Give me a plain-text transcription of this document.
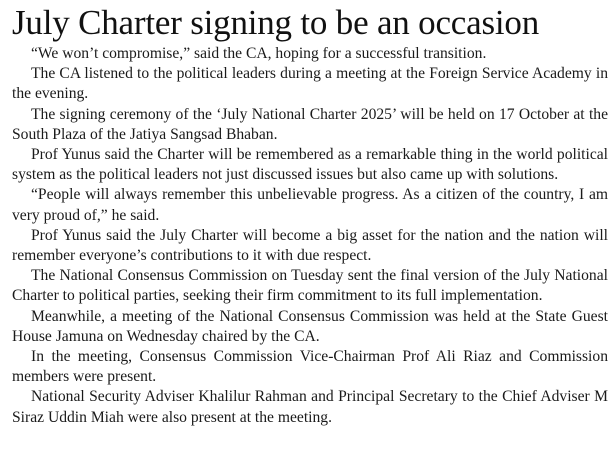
July Charter signing to be an occasion

“We won’t compromise,” said the CA, hoping for a successful transition.

The CA listened to the political leaders during a meeting at the Foreign Service Academy in the evening.

The signing ceremony of the ‘July National Charter 2025’ will be held on 17 October at the South Plaza of the Jatiya Sangsad Bhaban.

Prof Yunus said the Charter will be remembered as a remarkable thing in the world political system as the political leaders not just discussed issues but also came up with solutions.

“People will always remember this unbelievable progress. As a citizen of the country, I am very proud of,” he said.

Prof Yunus said the July Charter will become a big asset for the nation and the nation will remember everyone’s contributions to it with due respect.

The National Consensus Commission on Tuesday sent the final version of the July National Charter to political parties, seeking their firm commitment to its full implementation.

Meanwhile, a meeting of the National Consensus Commission was held at the State Guest House Jamuna on Wednesday chaired by the CA.

In the meeting, Consensus Commission Vice-Chairman Prof Ali Riaz and Commission members were present.

National Security Adviser Khalilur Rahman and Principal Secretary to the Chief Adviser M Siraz Uddin Miah were also present at the meeting.
